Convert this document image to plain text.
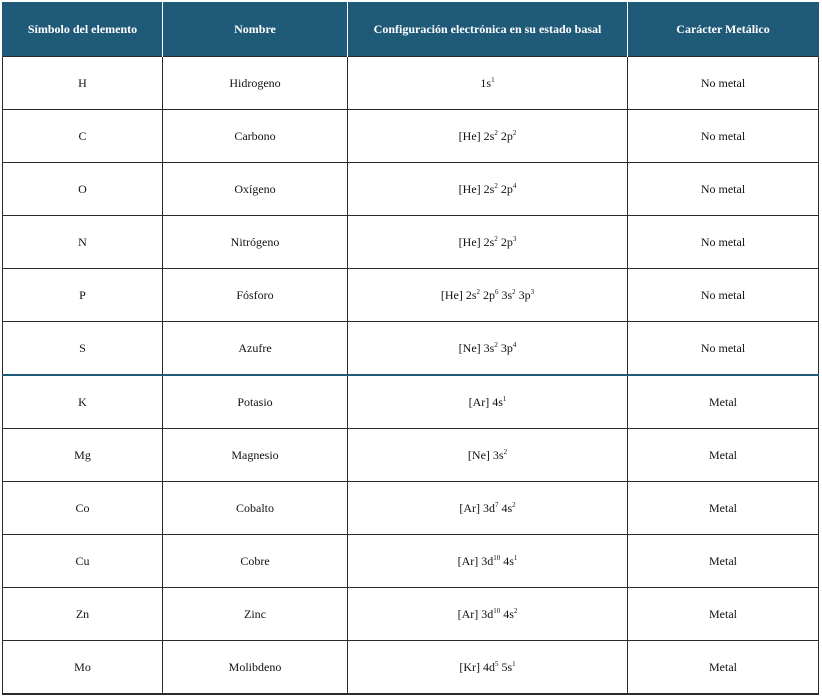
Símbolo del elemento	Nombre	Configuración electrónica en su estado basal	Carácter Metálico
H	Hidrogeno	$1s^1$	No metal
C	Carbono	[He] $2s^2$ $2p^2$	No metal
O	Oxígeno	[He] $2s^2$ $2p^4$	No metal
N	Nitrógeno	[He] $2s^2$ $2p^3$	No metal
P	Fósforo	[He] $2s^2$ $2p^6$ $3s^2$ $3p^3$	No metal
S	Azufre	[Ne] $3s^2$ $3p^4$	No metal
K	Potasio	[Ar] $4s^1$	Metal
Mg	Magnesio	[Ne] $3s^2$	Metal
Co	Cobalto	[Ar] $3d^7$ $4s^2$	Metal
Cu	Cobre	[Ar] $3d^{10}$ $4s^1$	Metal
Zn	Zinc	[Ar] $3d^{10}$ $4s^2$	Metal
Mo	Molibdeno	[Kr] $4d^5$ $5s^1$	Metal
